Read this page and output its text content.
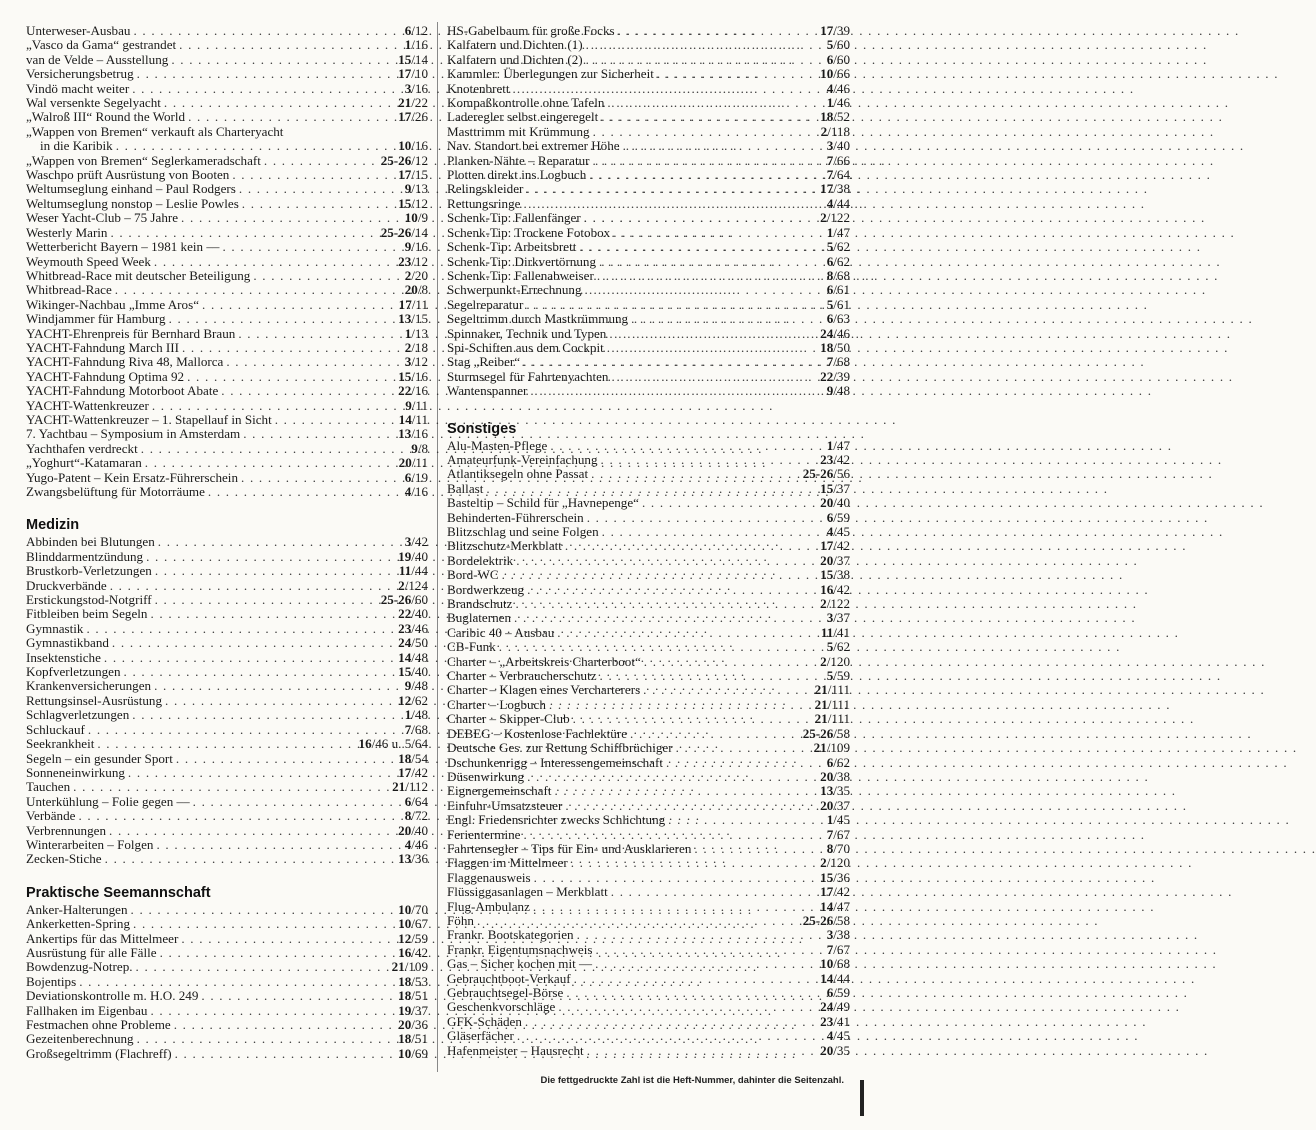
Unterweser-Ausbau . . .	6/12
„Vasco da Gama“ gestrandet . . .	1/16
van de Velde – Ausstellung . . .	15/14
Versicherungsbetrug . . .	17/10
Vindö macht weiter . . .	3/16
Wal versenkte Segelyacht . . .	21/22
„Walroß III“ Round the World . . .	17/26
„Wappen von Bremen“ verkauft als Charteryacht
in die Karibik . . .	10/16
„Wappen von Bremen“ Seglerkameradschaft . . .	25-26/12
Waschpo prüft Ausrüstung von Booten . . .	17/15
Weltumseglung einhand – Paul Rodgers . . .	9/13
Weltumseglung nonstop – Leslie Powles . . .	15/12
Weser Yacht-Club – 75 Jahre . . .	10/9
Westerly Marin . . .	25-26/14
Wetterbericht Bayern – 1981 kein –– . . .	9/16
Weymouth Speed Week . . .	23/12
Whitbread-Race mit deutscher Beteiligung . . .	2/20
Whitbread-Race . . .	20/8
Wikinger-Nachbau „Imme Aros“ . . .	17/11
Windjammer für Hamburg . . .	13/15
YACHT-Ehrenpreis für Bernhard Braun . . .	1/13
YACHT-Fahndung March III . . .	2/18
YACHT-Fahndung Riva 48, Mallorca . . .	3/12
YACHT-Fahndung Optima 92 . . .	15/16
YACHT-Fahndung Motorboot Abate . . .	22/16
YACHT-Wattenkreuzer . . .	9/11
YACHT-Wattenkreuzer – 1. Stapellauf in Sicht . . .	14/11
7. Yachtbau – Symposium in Amsterdam . . .	13/16
Yachthafen verdreckt . . .	9/8
„Yoghurt“-Katamaran . . .	20/11
Yugo-Patent – Kein Ersatz-Führerschein . . .	6/19
Zwangsbelüftung für Motorräume . . .	4/16
Medizin
Abbinden bei Blutungen . . .	3/42
Blinddarmentzündung . . .	19/40
Brustkorb-Verletzungen . . .	11/44
Druckverbände . . .	2/124
Erstickungstod-Notgriff . . .	25-26/60
Fitbleiben beim Segeln . . .	22/40
Gymnastik . . .	23/46
Gymnastikband . . .	24/50
Insektenstiche . . .	14/48
Kopfverletzungen . . .	15/40
Krankenversicherungen . . .	9/48
Rettungsinsel-Ausrüstung . . .	12/62
Schlagverletzungen . . .	1/48
Schluckauf . . .	7/68
Seekrankheit . . .	16/46 u. 5/64
Segeln – ein gesunder Sport . . .	18/54
Sonneneinwirkung . . .	17/42
Tauchen . . .	21/112
Unterkühlung – Folie gegen –– . . .	6/64
Verbände . . .	8/72
Verbrennungen . . .	20/40
Winterarbeiten – Folgen . . .	4/46
Zecken-Stiche . . .	13/36
Praktische Seemannschaft
Anker-Halterungen . . .	10/70
Ankerketten-Spring . . .	10/67
Ankertips für das Mittelmeer . . .	12/59
Ausrüstung für alle Fälle . . .	16/42
Bowdenzug-Notrep. . . .	21/109
Bojentips . . .	18/53
Deviationskontrolle m. H.O. 249 . . .	18/51
Fallhaken im Eigenbau . . .	19/37
Festmachen ohne Probleme . . .	20/36
Gezeitenberechnung . . .	18/51
Großsegeltrimm (Flachreff) . . .	10/69
HS-Gabelbaum für große Focks . . .	17/39
Kalfatern und Dichten (1) . . .	5/60
Kalfatern und Dichten (2) . . .	6/60
Kammler: Überlegungen zur Sicherheit . . .	10/66
Knotenbrett . . .	4/46
Kompaßkontrolle ohne Tafeln . . .	1/46
Laderegler selbst eingeregelt . . .	18/52
Masttrimm mit Krümmung . . .	2/118
Nav. Standort bei extremer Höhe . . .	3/40
Planken-Nähte – Reparatur . . .	7/66
Plotten direkt ins Logbuch . . .	7/64
Relingskleider . . .	17/38
Rettungsringe . . .	4/44
Schenk-Tip: Fallenfänger . . .	2/122
Schenk-Tip: Trockene Fotobox . . .	1/47
Schenk-Tip: Arbeitsbrett . . .	5/62
Schenk-Tip: Dirkvertörnung . . .	6/62
Schenk-Tip: Fallenabweiser . . .	8/68
Schwerpunkt-Errechnung . . .	6/61
Segelreparatur . . .	5/61
Segeltrimm durch Mastkrümmung . . .	6/63
Spinnaker, Technik und Typen . . .	24/46
Spi-Schiften aus dem Cockpit . . .	18/50
Stag „Reiber“ . . .	7/68
Sturmsegel für Fahrtenyachten . . .	22/39
Wantenspanner . . .	9/48
Sonstiges
Alu-Masten-Pflege . . .	1/47
Amateurfunk-Vereinfachung . . .	23/42
Atlantiksegeln ohne Passat . . .	25-26/56
Ballast . . .	15/37
Basteltip – Schild für „Havnepenge“ . . .	20/40
Behinderten-Führerschein . . .	6/59
Blitzschlag und seine Folgen . . .	4/45
Blitzschutz-Merkblatt . . .	17/42
Bordelektrik . . .	20/37
Bord-WC . . .	15/38
Bordwerkzeug . . .	16/42
Brandschutz . . .	2/122
Buglaternen . . .	3/37
Caribic 40 – Ausbau . . .	11/41
CB-Funk . . .	5/62
Charter – „Arbeitskreis Charterboot“ . . .	2/120
Charter – Verbraucherschutz . . .	5/59
Charter – Klagen eines Vercharterers . . .	21/111
Charter – Logbuch . . .	21/111
Charter – Skipper-Club . . .	21/111
DEBEG – Kostenlose Fachlektüre . . .	25-26/58
Deutsche Ges. zur Rettung Schiffbrüchiger . . .	21/109
Dschunkenrigg – Interessengemeinschaft . . .	6/62
Düsenwirkung . . .	20/38
Eignergemeinschaft . . .	13/35
Einfuhr-Umsatzsteuer . . .	20/37
Engl. Friedensrichter zwecks Schlichtung . . .	1/45
Ferientermine . . .	7/67
Fahrtensegler – Tips für Ein- und Ausklarieren . . .	8/70
Flaggen im Mittelmeer . . .	2/120
Flaggenausweis . . .	15/36
Flüssiggasanlagen – Merkblatt . . .	17/42
Flug-Ambulanz . . .	14/47
Föhn . . .	25-26/58
Frankr. Bootskategorien . . .	3/38
Frankr. Eigentumsnachweis . . .	7/67
Gas – Sicher kochen mit –– . . .	10/68
Gebrauchtboot-Verkauf . . .	14/44
Gebrauchtsegel-Börse . . .	6/59
Geschenkvorschläge . . .	24/49
GFK-Schäden . . .	23/41
Gläserfächer . . .	4/45
Hafenmeister – Hausrecht . . .	20/35
Die fettgedruckte Zahl ist die Heft-Nummer, dahinter die Seitenzahl.
